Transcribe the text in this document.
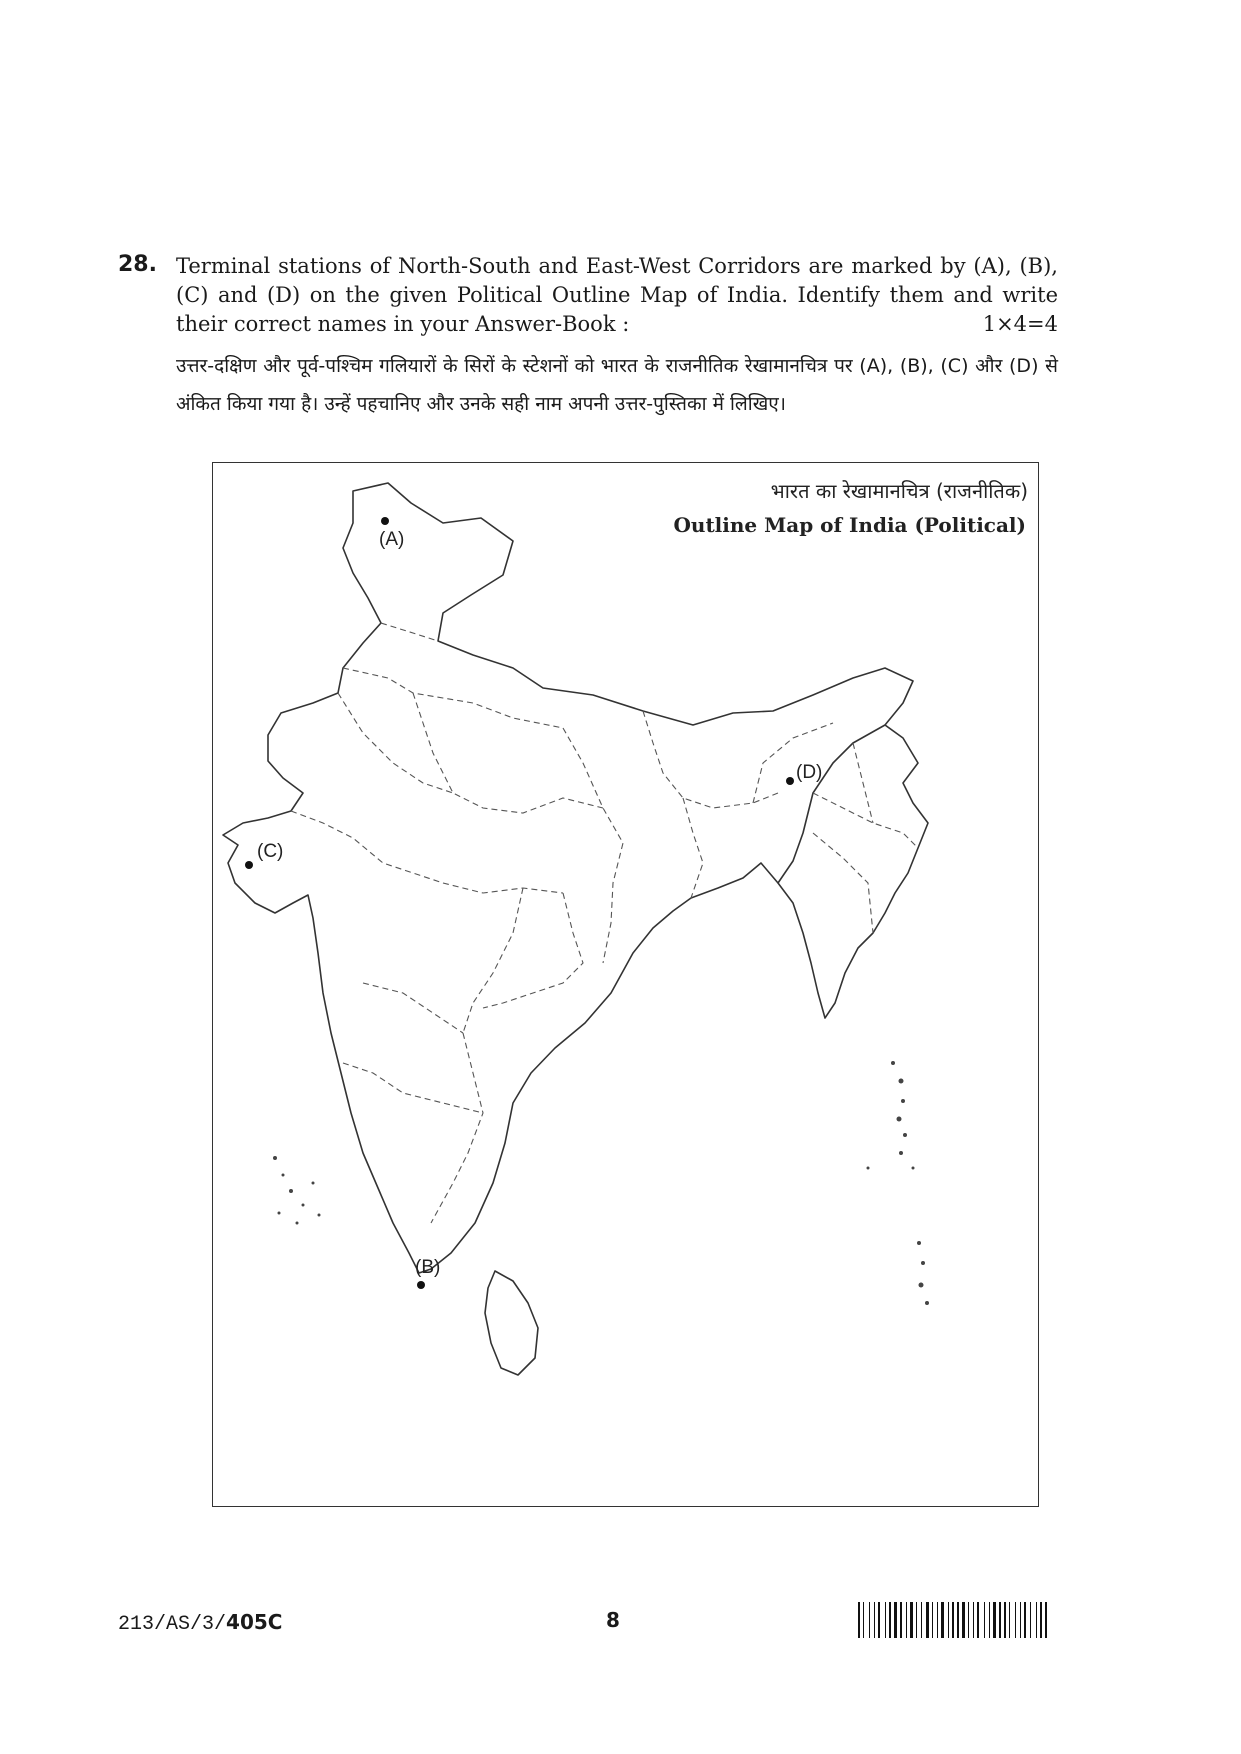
28. Terminal stations of North-South and East-West Corridors are marked by (A), (B), (C) and (D) on the given Political Outline Map of India. Identify them and write their correct names in your Answer-Book :	1×4=4
उत्तर-दक्षिण और पूर्व-पश्चिम गलियारों के सिरों के स्टेशनों को भारत के राजनीतिक रेखामानचित्र पर (A), (B), (C) और (D) से अंकित किया गया है। उन्हें पहचानिए और उनके सही नाम अपनी उत्तर-पुस्तिका में लिखिए।
(A)
(B)
(C)
(D)
भारत का रेखामानचित्र (राजनीतिक)
Outline Map of India (Political)
213/AS/3/405C	8
